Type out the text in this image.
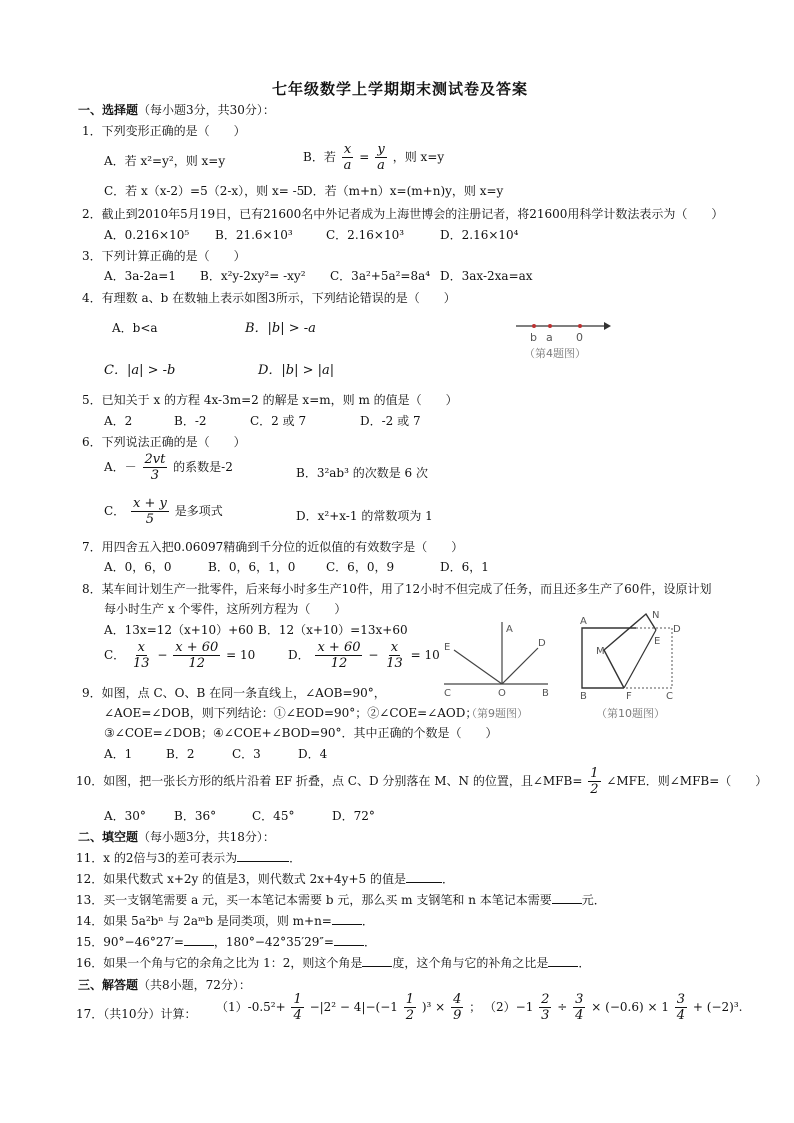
七年级数学上学期期末测试卷及答案
一、选择题（每小题3分，共30分）：
1．下列变形正确的是（　　）
A．若 x²=y²，则 x=y	B．若 $\frac{x}{a} = \frac{y}{a}$ ，则 x=y
C．若 x（x-2）=5（2-x），则 x= -5
D．若（m+n）x=(m+n)y，则 x=y
2．截止到2010年5月19日，已有21600名中外记者成为上海世博会的注册记者，将21600用科学计数法表示为（　　）
A．0.216×10⁵ B．21.6×10³	C．2.16×10³	D．2.16×10⁴
3．下列计算正确的是（　　）
A．3a-2a=1 B．x²y-2xy²= -xy² C．3a²+5a²=8a⁴ D．3ax-2xa=ax
4．有理数 a、b 在数轴上表示如图3所示，下列结论错误的是（　　）
A．b<a	B．|b| > -a
C．|a| > -b	D．|b| > |a|
b a 0
（第4题图）
5．已知关于 x 的方程 4x-3m=2 的解是 x=m，则 m 的值是（　　）
A．2	B．-2	C．2 或 7	D．-2 或 7
6．下列说法正确的是（　　）
A．－ $\frac{2vt}{3}$ 的系数是-2	B．3²ab³ 的次数是 6 次
C． $\frac{x + y}{5}$ 是多项式	D．x²+x-1 的常数项为 1
7．用四舍五入把0.06097精确到千分位的近似值的有效数字是（　　）
A．0，6，0	B．0，6，1，0	C．6，0，9	D．6，1
8．某车间计划生产一批零件，后来每小时多生产10件，用了12小时不但完成了任务，而且还多生产了60件，设原计划
每小时生产 x 个零件，这所列方程为（　　）
A．13x=12（x+10）+60 B．12（x+10）=13x+60
C． $\frac{x}{13} - \frac{x + 60}{12} = 10$	D． $\frac{x + 60}{12} - \frac{x}{13} = 10$
A
D
E
C	O	B
（第9题图）
A
N
D
E
M
B	F	C
（第10题图）
9．如图，点 C、O、B 在同一条直线上，∠AOB=90°，
∠AOE=∠DOB，则下列结论：①∠EOD=90°；②∠COE=∠AOD；
③∠COE=∠DOB；④∠COE+∠BOD=90°．其中正确的个数是（　　）
A．1	B．2	C．3	D．4
10．如图，把一张长方形的纸片沿着 EF 折叠，点 C、D 分别落在 M、N 的位置，且∠MFB= $\frac{1}{2}$ ∠MFE．则∠MFB=（　　）
A．30° B．36°	C．45°	D．72°
二、填空题（每小题3分，共18分）：
11．x 的2倍与3的差可表示为	．
12．如果代数式 x+2y 的值是3，则代数式 2x+4y+5 的值是	．
13．买一支钢笔需要 a 元，买一本笔记本需要 b 元，那么买 m 支钢笔和 n 本笔记本需要	元．
14．如果 5a²bⁿ 与 2aᵐb 是同类项，则 m+n=	．
15．90°−46°27′=	，180°−42°35′29″=	．
16．如果一个角与它的余角之比为 1：2，则这个角是	度，这个角与它的补角之比是	．
三、解答题（共8小题，72分）：
17．（共10分）计算： $(1)-0.5^2+ \frac{1}{4} -|2^2 - 4|-(-1 \frac{1}{2} )^3 \times \frac{4}{9}$ ； $(2)-1 \frac{2}{3} \div \frac{3}{4} \times (-0.6) \times 1 \frac{3}{4} + (-2)^3$.
